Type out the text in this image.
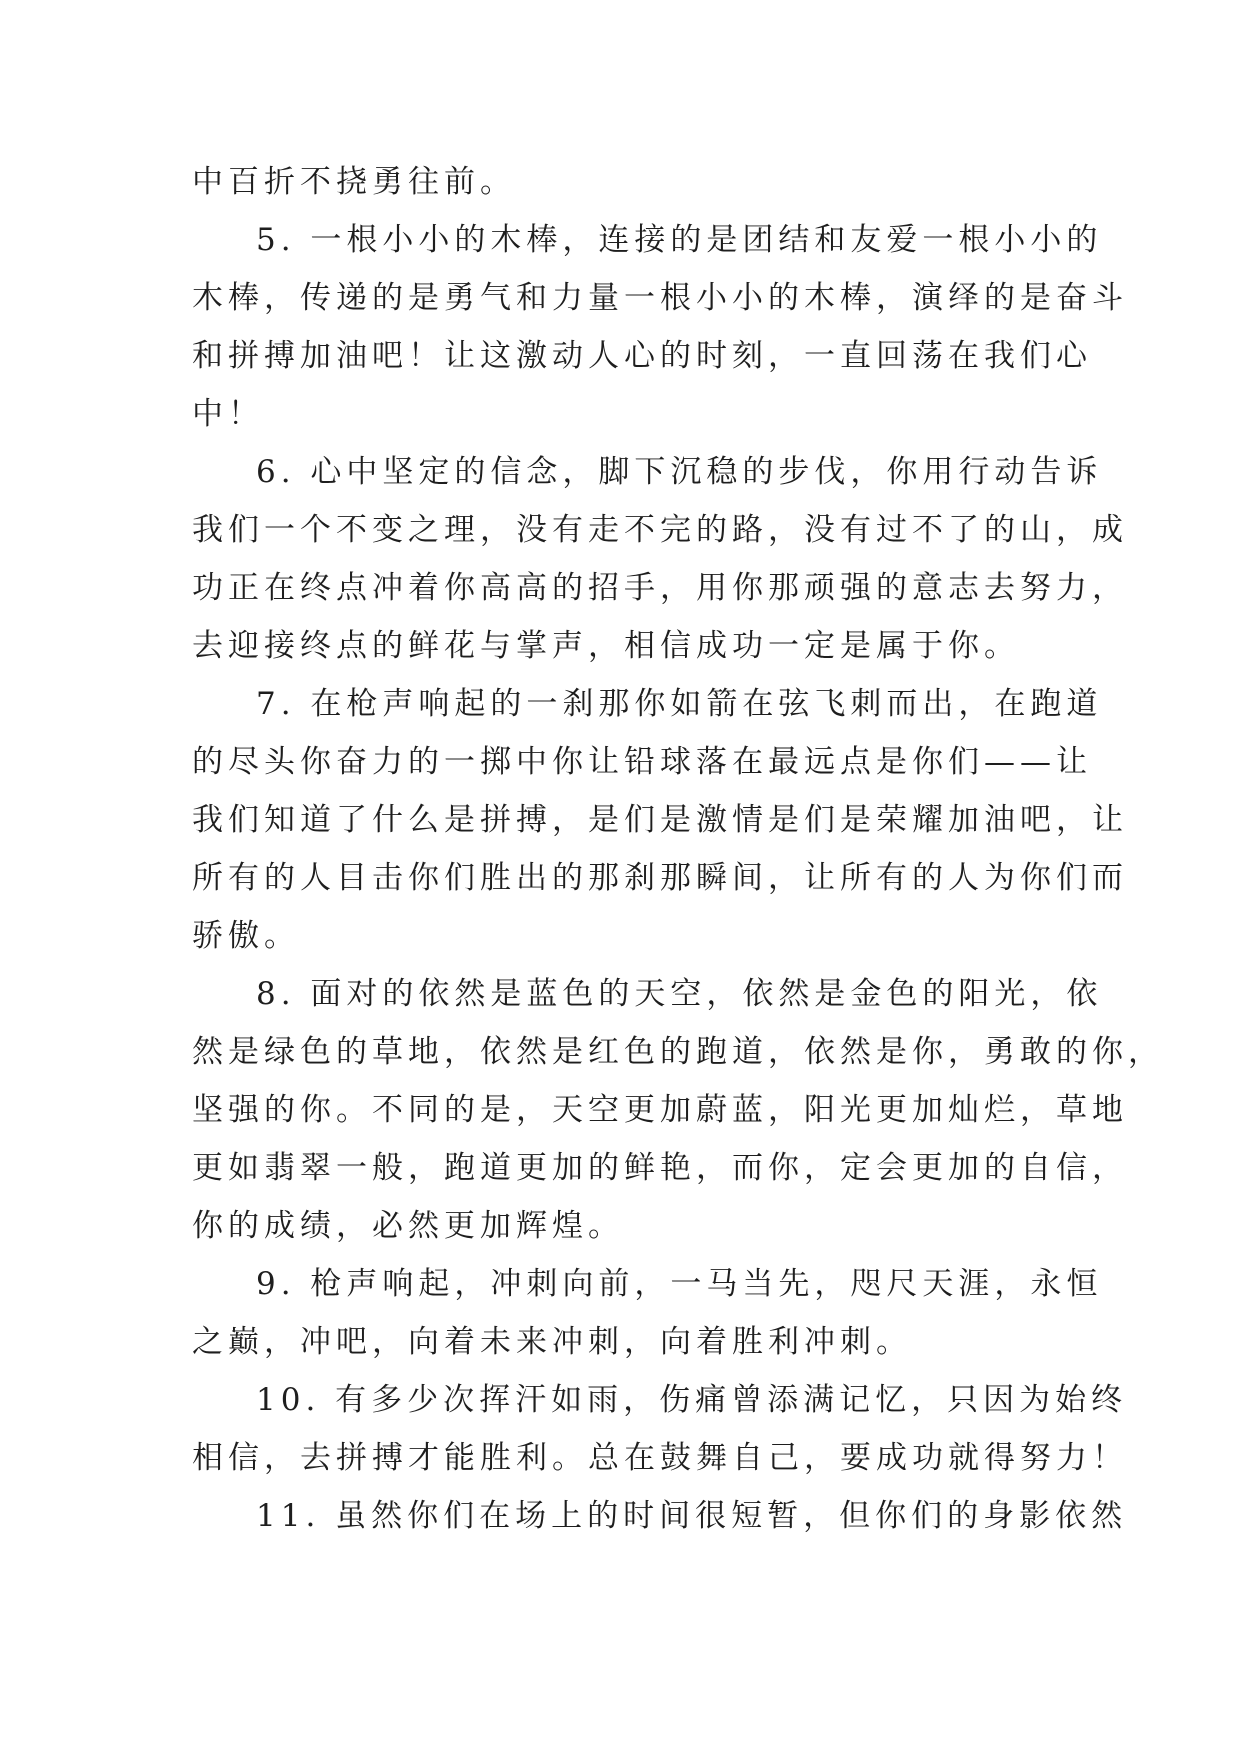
中百折不挠勇往前。
5. 一根小小的木棒，连接的是团结和友爱一根小小的
木棒，传递的是勇气和力量一根小小的木棒，演绎的是奋斗
和拼搏加油吧！让这激动人心的时刻，一直回荡在我们心
中！
6. 心中坚定的信念，脚下沉稳的步伐，你用行动告诉
我们一个不变之理，没有走不完的路，没有过不了的山，成
功正在终点冲着你高高的招手，用你那顽强的意志去努力，
去迎接终点的鲜花与掌声，相信成功一定是属于你。
7. 在枪声响起的一刹那你如箭在弦飞刺而出，在跑道
的尽头你奋力的一掷中你让铅球落在最远点是你们——让
我们知道了什么是拼搏，是们是激情是们是荣耀加油吧，让
所有的人目击你们胜出的那刹那瞬间，让所有的人为你们而
骄傲。
8. 面对的依然是蓝色的天空，依然是金色的阳光，依
然是绿色的草地，依然是红色的跑道，依然是你，勇敢的你，
坚强的你。不同的是，天空更加蔚蓝，阳光更加灿烂，草地
更如翡翠一般，跑道更加的鲜艳，而你，定会更加的自信，
你的成绩，必然更加辉煌。
9. 枪声响起，冲刺向前，一马当先，咫尺天涯，永恒
之巅，冲吧，向着未来冲刺，向着胜利冲刺。
10. 有多少次挥汗如雨，伤痛曾添满记忆，只因为始终
相信，去拼搏才能胜利。总在鼓舞自己，要成功就得努力！
11. 虽然你们在场上的时间很短暂，但你们的身影依然
